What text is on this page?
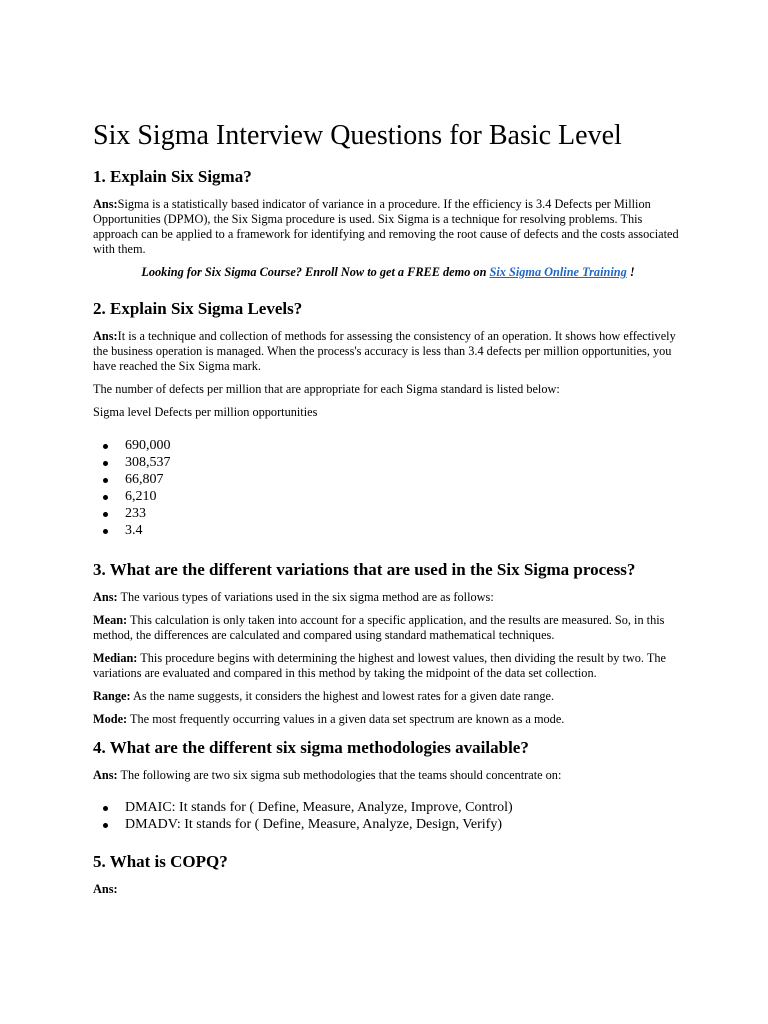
Six Sigma Interview Questions for Basic Level
1. Explain Six Sigma?

Ans:Sigma is a statistically based indicator of variance in a procedure. If the efficiency is 3.4 Defects per Million Opportunities (DPMO), the Six Sigma procedure is used. Six Sigma is a technique for resolving problems. This approach can be applied to a framework for identifying and removing the root cause of defects and the costs associated with them.

Looking for Six Sigma Course? Enroll Now to get a FREE demo on Six Sigma Online Training !

2. Explain Six Sigma Levels?

Ans:It is a technique and collection of methods for assessing the consistency of an operation. It shows how effectively the business operation is managed. When the process's accuracy is less than 3.4 defects per million opportunities, you have reached the Six Sigma mark.

The number of defects per million that are appropriate for each Sigma standard is listed below:

Sigma level Defects per million opportunities

690,000
308,537
66,807
6,210
233
3.4
3. What are the different variations that are used in the Six Sigma process?

Ans: The various types of variations used in the six sigma method are as follows:

Mean: This calculation is only taken into account for a specific application, and the results are measured. So, in this method, the differences are calculated and compared using standard mathematical techniques.

Median: This procedure begins with determining the highest and lowest values, then dividing the result by two. The variations are evaluated and compared in this method by taking the midpoint of the data set collection.

Range: As the name suggests, it considers the highest and lowest rates for a given date range.

Mode: The most frequently occurring values in a given data set spectrum are known as a mode.

4. What are the different six sigma methodologies available?

Ans: The following are two six sigma sub methodologies that the teams should concentrate on:

DMAIC: It stands for ( Define, Measure, Analyze, Improve, Control)
DMADV: It stands for ( Define, Measure, Analyze, Design, Verify)
5. What is COPQ?

Ans:
